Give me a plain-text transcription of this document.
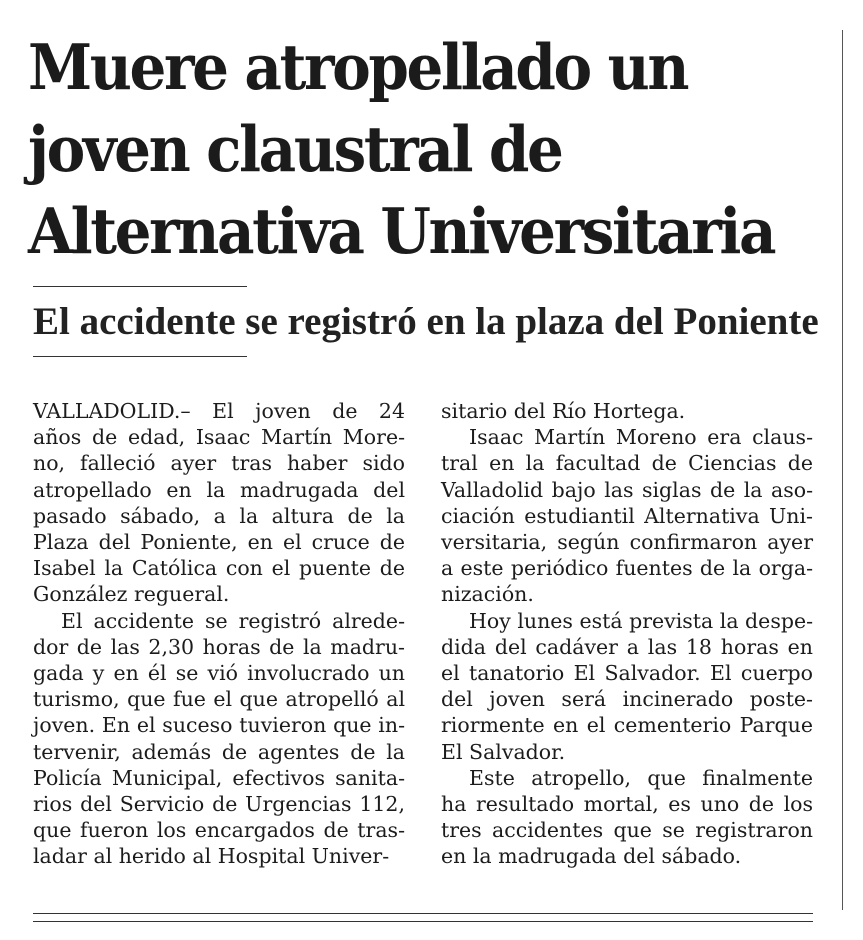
Muere atropellado un
joven claustral de
Alternativa Universitaria
El accidente se registró en la plaza del Poniente

VALLADOLID.– El joven de 24
años de edad, Isaac Martín More-
no, falleció ayer tras haber sido
atropellado en la madrugada del
pasado sábado, a la altura de la
Plaza del Poniente, en el cruce de
Isabel la Católica con el puente de
González regueral.

El accidente se registró alrede-
dor de las 2,30 horas de la madru-
gada y en él se vió involucrado un
turismo, que fue el que atropelló al
joven. En el suceso tuvieron que in-
tervenir, además de agentes de la
Policía Municipal, efectivos sanita-
rios del Servicio de Urgencias 112,
que fueron los encargados de tras-
ladar al herido al Hospital Univer-

sitario del Río Hortega.

Isaac Martín Moreno era claus-
tral en la facultad de Ciencias de
Valladolid bajo las siglas de la aso-
ciación estudiantil Alternativa Uni-
versitaria, según confirmaron ayer
a este periódico fuentes de la orga-
nización.

Hoy lunes está prevista la despe-
dida del cadáver a las 18 horas en
el tanatorio El Salvador. El cuerpo
del joven será incinerado poste-
riormente en el cementerio Parque
El Salvador.

Este atropello, que finalmente
ha resultado mortal, es uno de los
tres accidentes que se registraron
en la madrugada del sábado.
